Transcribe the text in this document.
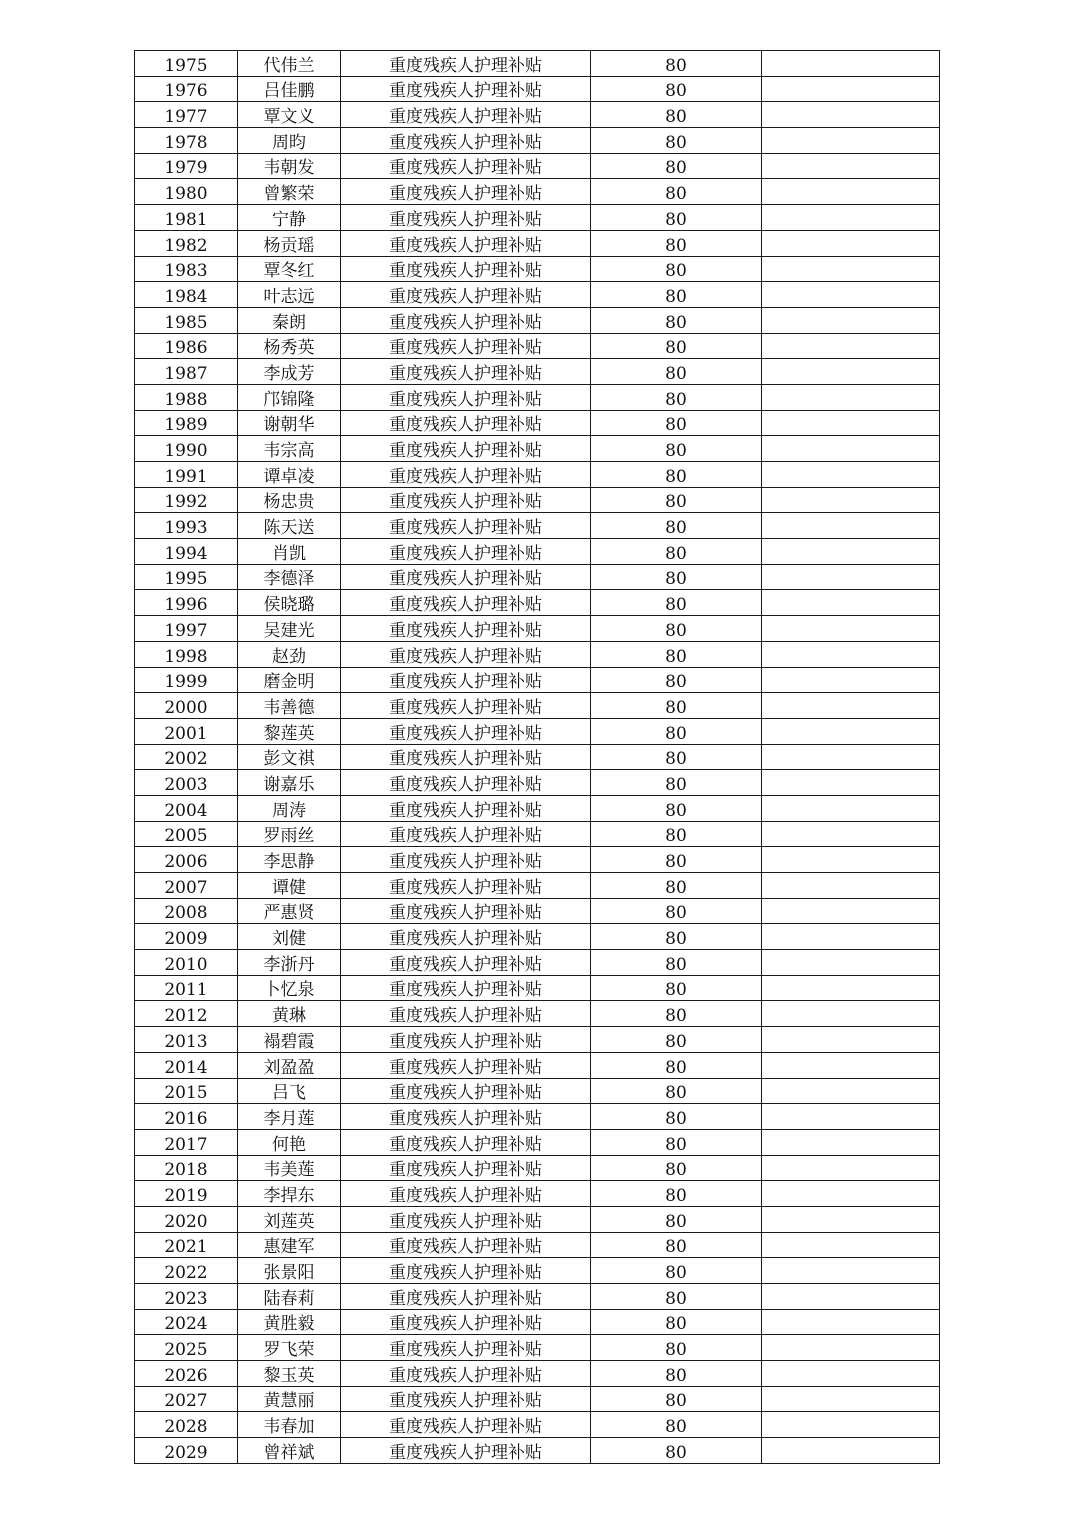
1975	代伟兰	重度残疾人护理补贴	80	
1976	吕佳鹏	重度残疾人护理补贴	80	
1977	覃文义	重度残疾人护理补贴	80	
1978	周昀	重度残疾人护理补贴	80	
1979	韦朝发	重度残疾人护理补贴	80	
1980	曾繁荣	重度残疾人护理补贴	80	
1981	宁静	重度残疾人护理补贴	80	
1982	杨贡瑶	重度残疾人护理补贴	80	
1983	覃冬红	重度残疾人护理补贴	80	
1984	叶志远	重度残疾人护理补贴	80	
1985	秦朗	重度残疾人护理补贴	80	
1986	杨秀英	重度残疾人护理补贴	80	
1987	李成芳	重度残疾人护理补贴	80	
1988	邝锦隆	重度残疾人护理补贴	80	
1989	谢朝华	重度残疾人护理补贴	80	
1990	韦宗高	重度残疾人护理补贴	80	
1991	谭卓凌	重度残疾人护理补贴	80	
1992	杨忠贵	重度残疾人护理补贴	80	
1993	陈天送	重度残疾人护理补贴	80	
1994	肖凯	重度残疾人护理补贴	80	
1995	李德泽	重度残疾人护理补贴	80	
1996	侯晓璐	重度残疾人护理补贴	80	
1997	吴建光	重度残疾人护理补贴	80	
1998	赵劲	重度残疾人护理补贴	80	
1999	磨金明	重度残疾人护理补贴	80	
2000	韦善德	重度残疾人护理补贴	80	
2001	黎莲英	重度残疾人护理补贴	80	
2002	彭文祺	重度残疾人护理补贴	80	
2003	谢嘉乐	重度残疾人护理补贴	80	
2004	周涛	重度残疾人护理补贴	80	
2005	罗雨丝	重度残疾人护理补贴	80	
2006	李思静	重度残疾人护理补贴	80	
2007	谭健	重度残疾人护理补贴	80	
2008	严惠贤	重度残疾人护理补贴	80	
2009	刘健	重度残疾人护理补贴	80	
2010	李浙丹	重度残疾人护理补贴	80	
2011	卜忆泉	重度残疾人护理补贴	80	
2012	黄琳	重度残疾人护理补贴	80	
2013	褟碧霞	重度残疾人护理补贴	80	
2014	刘盈盈	重度残疾人护理补贴	80	
2015	吕飞	重度残疾人护理补贴	80	
2016	李月莲	重度残疾人护理补贴	80	
2017	何艳	重度残疾人护理补贴	80	
2018	韦美莲	重度残疾人护理补贴	80	
2019	李捍东	重度残疾人护理补贴	80	
2020	刘莲英	重度残疾人护理补贴	80	
2021	惠建军	重度残疾人护理补贴	80	
2022	张景阳	重度残疾人护理补贴	80	
2023	陆春莉	重度残疾人护理补贴	80	
2024	黄胜毅	重度残疾人护理补贴	80	
2025	罗飞荣	重度残疾人护理补贴	80	
2026	黎玉英	重度残疾人护理补贴	80	
2027	黄慧丽	重度残疾人护理补贴	80	
2028	韦春加	重度残疾人护理补贴	80	
2029	曾祥斌	重度残疾人护理补贴	80	
